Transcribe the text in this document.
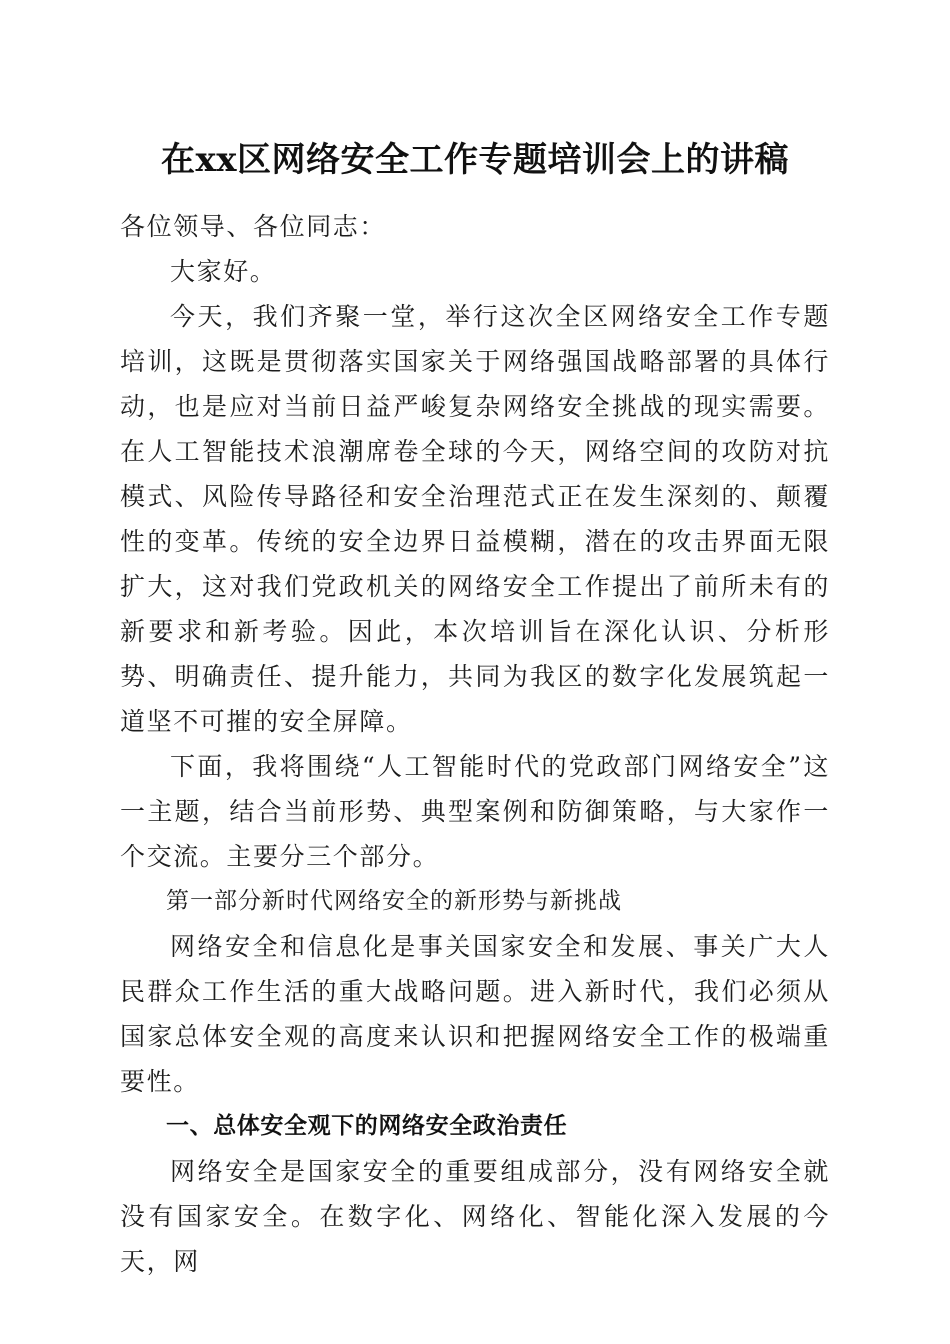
在xx区网络安全工作专题培训会上的讲稿

各位领导、各位同志：

大家好。

今天，我们齐聚一堂，举行这次全区网络安全工作专题培训，这既是贯彻落实国家关于网络强国战略部署的具体行动，也是应对当前日益严峻复杂网络安全挑战的现实需要。在人工智能技术浪潮席卷全球的今天，网络空间的攻防对抗模式、风险传导路径和安全治理范式正在发生深刻的、颠覆性的变革。传统的安全边界日益模糊，潜在的攻击界面无限扩大，这对我们党政机关的网络安全工作提出了前所未有的新要求和新考验。因此，本次培训旨在深化认识、分析形势、明确责任、提升能力，共同为我区的数字化发展筑起一道坚不可摧的安全屏障。

下面，我将围绕“人工智能时代的党政部门网络安全”这一主题，结合当前形势、典型案例和防御策略，与大家作一个交流。主要分三个部分。

第一部分新时代网络安全的新形势与新挑战

网络安全和信息化是事关国家安全和发展、事关广大人民群众工作生活的重大战略问题。进入新时代，我们必须从国家总体安全观的高度来认识和把握网络安全工作的极端重要性。

一、总体安全观下的网络安全政治责任

网络安全是国家安全的重要组成部分，没有网络安全就没有国家安全。在数字化、网络化、智能化深入发展的今天，网
